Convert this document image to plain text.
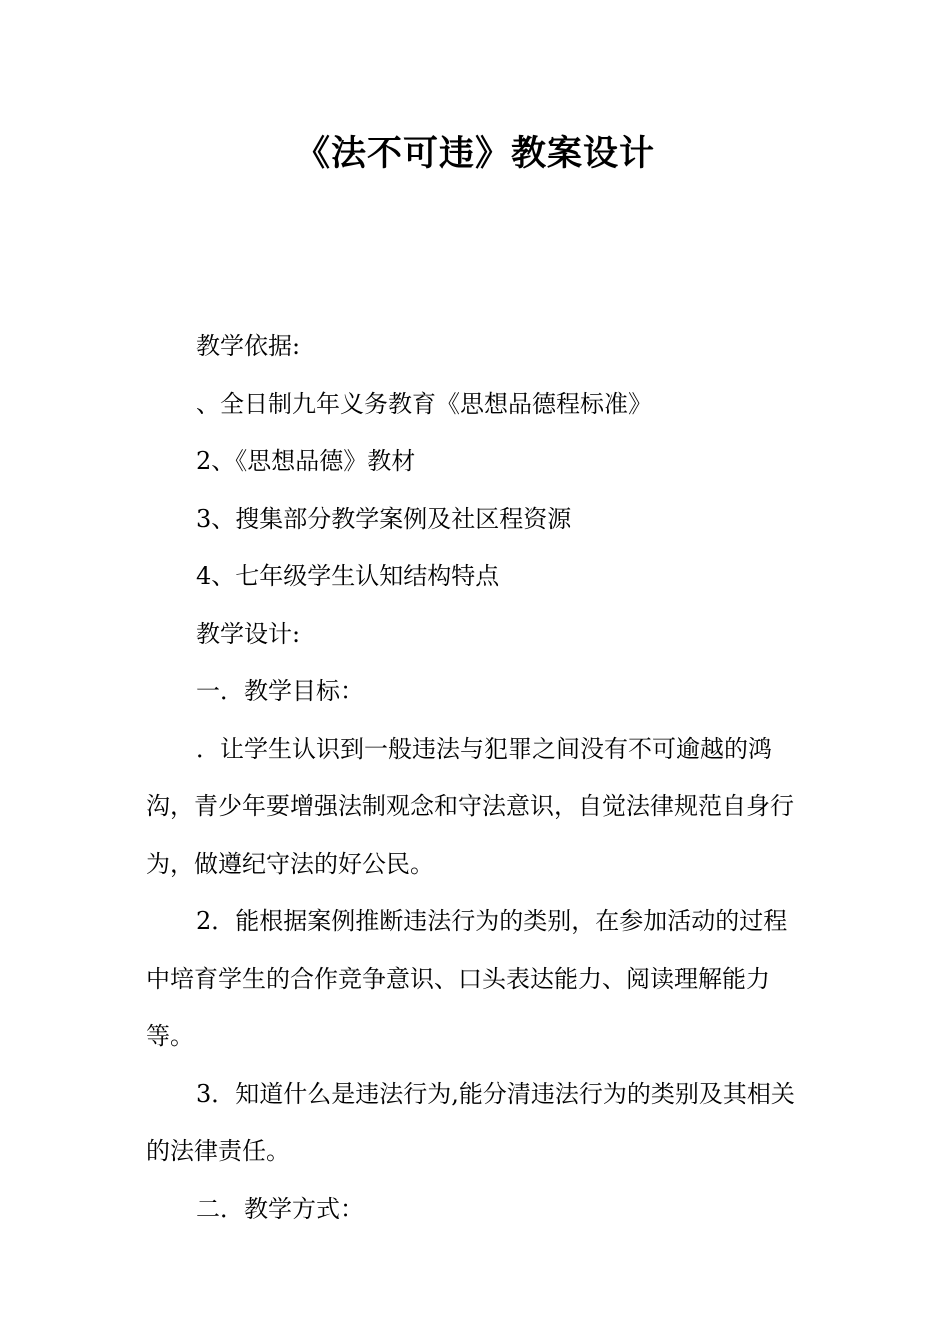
《法不可违》教案设计

教学依据:

、全日制九年义务教育《思想品德程标准》

2、《思想品德》教材

3、搜集部分教学案例及社区程资源

4、七年级学生认知结构特点

教学设计:

一．教学目标：

．让学生认识到一般违法与犯罪之间没有不可逾越的鸿沟，青少年要增强法制观念和守法意识，自觉法律规范自身行为，做遵纪守法的好公民。

2．能根据案例推断违法行为的类别，在参加活动的过程中培育学生的合作竞争意识、口头表达能力、阅读理解能力等。

3．知道什么是违法行为,能分清违法行为的类别及其相关的法律责任。

二．教学方式：
